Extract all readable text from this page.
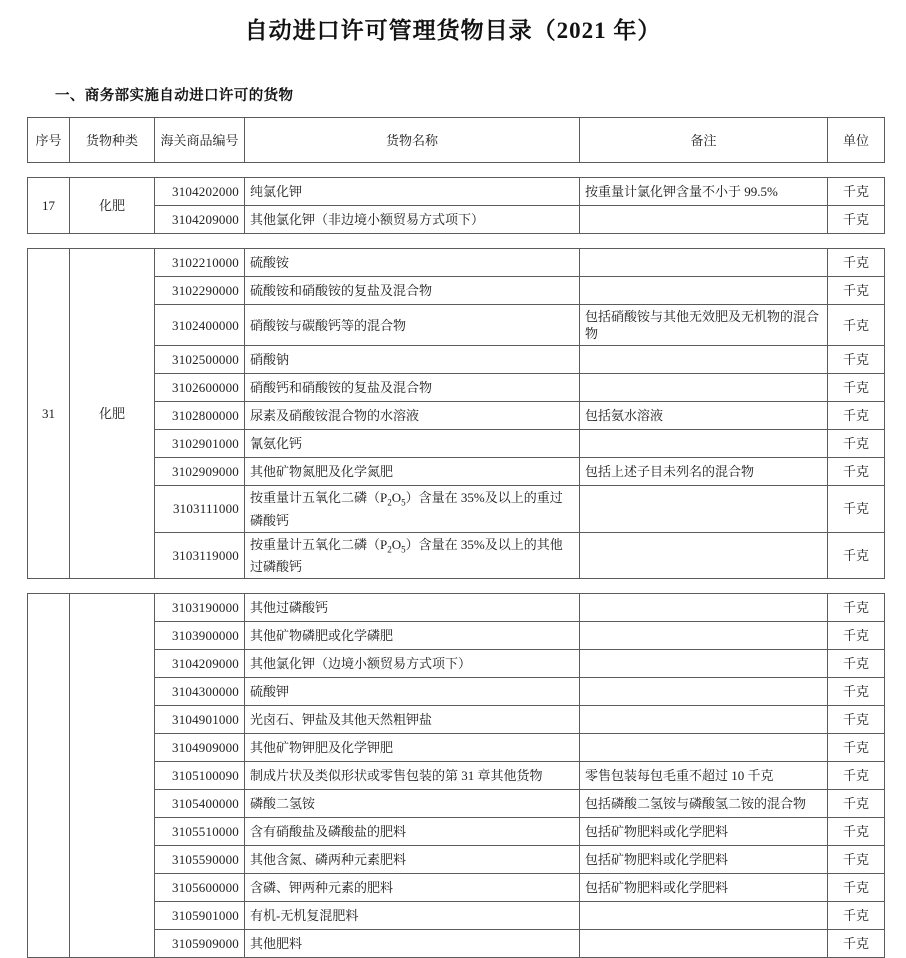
自动进口许可管理货物目录（2021 年）
一、商务部实施自动进口许可的货物
序号	货物种类	海关商品编号	货物名称	备注	单位
17	化肥	3104202000	纯氯化钾	按重量计氯化钾含量不小于 99.5%	千克
		3104209000	其他氯化钾（非边境小额贸易方式项下）		千克
31	化肥	3102210000	硫酸铵		千克
		3102290000	硫酸铵和硝酸铵的复盐及混合物		千克
		3102400000	硝酸铵与碳酸钙等的混合物	包括硝酸铵与其他无效肥及无机物的混合物	千克
		3102500000	硝酸钠		千克
		3102600000	硝酸钙和硝酸铵的复盐及混合物		千克
		3102800000	尿素及硝酸铵混合物的水溶液	包括氨水溶液	千克
		3102901000	氰氨化钙		千克
		3102909000	其他矿物氮肥及化学氮肥	包括上述子目未列名的混合物	千克
		3103111000	按重量计五氧化二磷$(P_2O_5)$含量在 35%及以上的重过磷酸钙		千克
		3103119000	按重量计五氧化二磷$(P_2O_5)$含量在 35%及以上的其他过磷酸钙		千克
		3103190000	其他过磷酸钙		千克
		3103900000	其他矿物磷肥或化学磷肥		千克
		3104209000	其他氯化钾（边境小额贸易方式项下）		千克
		3104300000	硫酸钾		千克
		3104901000	光卤石、钾盐及其他天然粗钾盐		千克
		3104909000	其他矿物钾肥及化学钾肥		千克
		3105100090	制成片状及类似形状或零售包装的第 31 章其他货物	零售包装每包毛重不超过 10 千克	千克
		3105400000	磷酸二氢铵	包括磷酸二氢铵与磷酸氢二铵的混合物	千克
		3105510000	含有硝酸盐及磷酸盐的肥料	包括矿物肥料或化学肥料	千克
		3105590000	其他含氮、磷两种元素肥料	包括矿物肥料或化学肥料	千克
		3105600000	含磷、钾两种元素的肥料	包括矿物肥料或化学肥料	千克
		3105901000	有机-无机复混肥料		千克
		3105909000	其他肥料		千克
